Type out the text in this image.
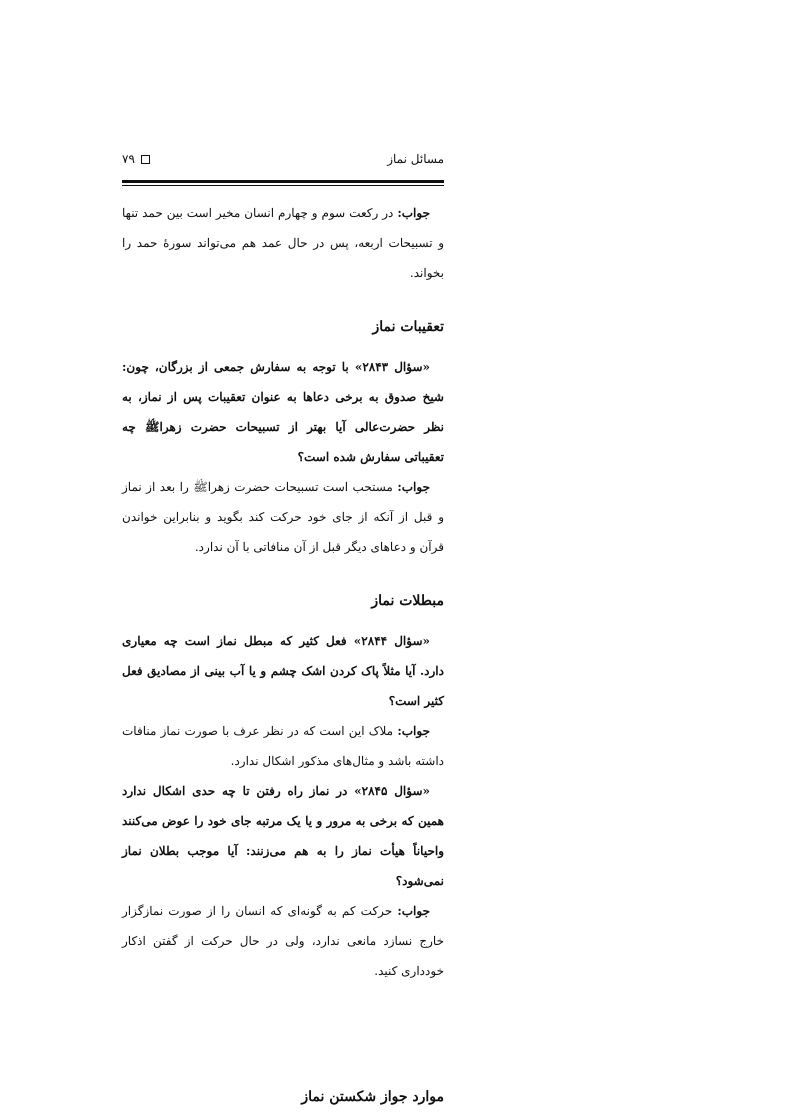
مسائل نماز
۷۹

جواب: در رکعت سوم و چهارم انسان مخیر است بین حمد تنها و تسبیحات اربعه، پس در حال عمد هم می‌تواند سورهٔ حمد را بخواند.

تعقیبات نماز

«سؤال ۲۸۴۳» با توجه به سفارش جمعی از بزرگان، چون: شیخ صدوق به برخی دعاها به عنوان تعقیبات پس از نماز، به نظر حضرت‌عالی آیا بهتر از تسبیحات حضرت زهراﷺ چه تعقیباتی سفارش شده است؟

جواب: مستحب است تسبیحات حضرت زهراﷺ را بعد از نماز و قبل از آنکه از جای خود حرکت کند بگوید و بنابراین خواندن قرآن و دعاهای دیگر قبل از آن منافاتی با آن ندارد.

مبطلات نماز

«سؤال ۲۸۴۴» فعل کثیر که مبطل نماز است چه معیاری دارد. آیا مثلاً پاک کردن اشک چشم و یا آب بینی از مصادیق فعل کثیر است؟

جواب: ملاک این است که در نظر عرف با صورت نماز منافات داشته باشد و مثال‌های مذکور اشکال ندارد.

«سؤال ۲۸۴۵» در نماز راه رفتن تا چه حدی اشکال ندارد همین که برخی به مرور و یا یک مرتبه جای خود را عوض می‌کنند واحیاناً هیأت نماز را به هم می‌زنند: آیا موجب بطلان نماز نمی‌شود؟

جواب: حرکت کم به گونه‌ای که انسان را از صورت نمازگزار خارج نسازد مانعی ندارد، ولی در حال حرکت از گفتن اذکار خودداری کنید.

موارد جواز شکستن نماز
